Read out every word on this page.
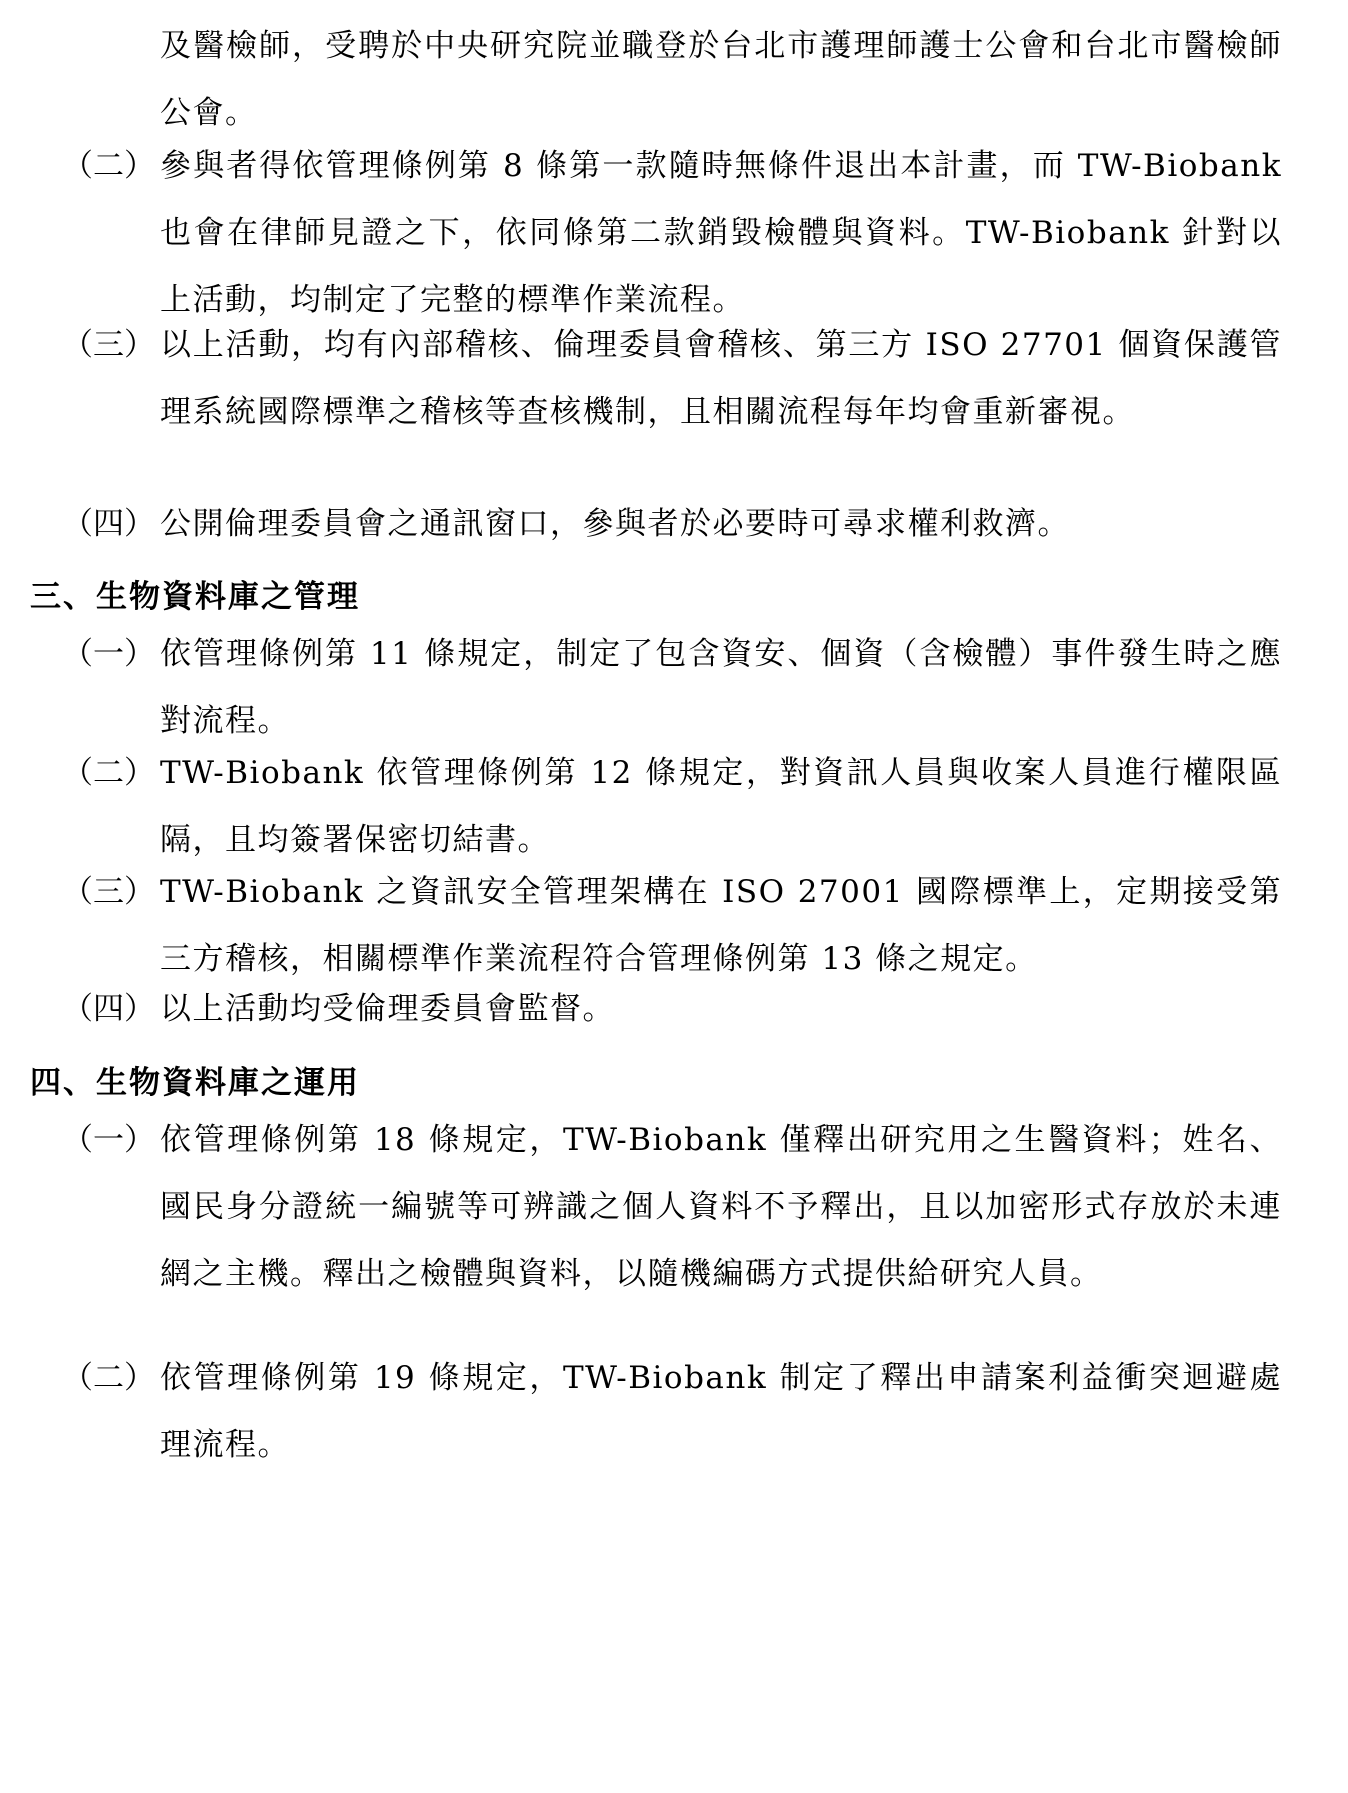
及醫檢師，受聘於中央研究院並職登於台北市護理師護士公會和台北市醫檢師公會。
（二） 參與者得依管理條例第 8 條第一款隨時無條件退出本計畫，而 TW-Biobank 也會在律師見證之下，依同條第二款銷毀檢體與資料。TW-Biobank 針對以上活動，均制定了完整的標準作業流程。
（三） 以上活動，均有內部稽核、倫理委員會稽核、第三方 ISO 27701 個資保護管理系統國際標準之稽核等查核機制，且相關流程每年均會重新審視。
（四） 公開倫理委員會之通訊窗口，參與者於必要時可尋求權利救濟。
三、生物資料庫之管理
（一） 依管理條例第 11 條規定，制定了包含資安、個資（含檢體）事件發生時之應對流程。
（二） TW-Biobank 依管理條例第 12 條規定，對資訊人員與收案人員進行權限區隔，且均簽署保密切結書。
（三） TW-Biobank 之資訊安全管理架構在 ISO 27001 國際標準上，定期接受第三方稽核，相關標準作業流程符合管理條例第 13 條之規定。
（四） 以上活動均受倫理委員會監督。
四、生物資料庫之運用
（一） 依管理條例第 18 條規定，TW-Biobank 僅釋出研究用之生醫資料；姓名、國民身分證統一編號等可辨識之個人資料不予釋出，且以加密形式存放於未連網之主機。釋出之檢體與資料，以隨機編碼方式提供給研究人員。
（二） 依管理條例第 19 條規定，TW-Biobank 制定了釋出申請案利益衝突迴避處理流程。
